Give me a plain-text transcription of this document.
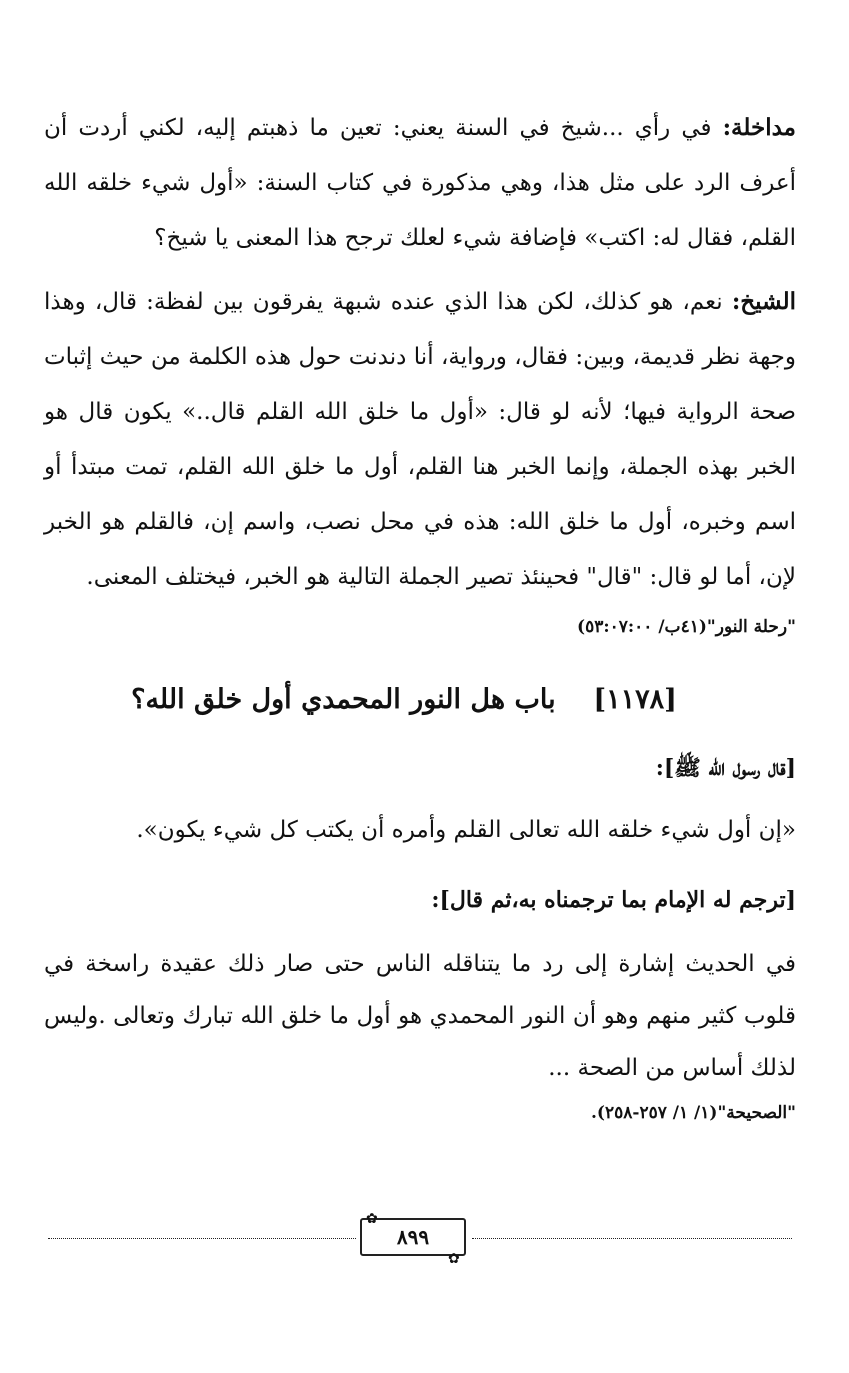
مداخلة: في رأي ...شيخ في السنة يعني: تعين ما ذهبتم إليه، لكني أردت أن أعرف الرد على مثل هذا، وهي مذكورة في كتاب السنة: «أول شيء خلقه الله القلم، فقال له: اكتب» فإضافة شيء لعلك ترجح هذا المعنى يا شيخ؟
الشيخ: نعم، هو كذلك، لكن هذا الذي عنده شبهة يفرقون بين لفظة: قال، وهذا وجهة نظر قديمة، وبين: فقال، ورواية، أنا دندنت حول هذه الكلمة من حيث إثبات صحة الرواية فيها؛ لأنه لو قال: «أول ما خلق الله القلم قال..» يكون قال هو الخبر بهذه الجملة، وإنما الخبر هنا القلم، أول ما خلق الله القلم، تمت مبتدأ أو اسم وخبره، أول ما خلق الله: هذه في محل نصب، واسم إن، فالقلم هو الخبر لإن، أما لو قال: "قال" فحينئذ تصير الجملة التالية هو الخبر، فيختلف المعنى.
"رحلة النور"(٤١ب/ ٥٣:٠٧:٠٠)
[١١٧٨]    باب هل النور المحمدي أول خلق الله؟
[قال رسول الله ﷺ]:
«إن أول شيء خلقه الله تعالى القلم وأمره أن يكتب كل شيء يكون».
[ترجم له الإمام بما ترجمناه به،ثم قال]:
في الحديث إشارة إلى رد ما يتناقله الناس حتى صار ذلك عقيدة راسخة في قلوب كثير منهم وهو أن النور المحمدي هو أول ما خلق الله تبارك وتعالى .وليس لذلك أساس من الصحة ...
"الصحيحة"(١/ ١/ ٢٥٧-٢٥٨).
٨٩٩
✿
✿
